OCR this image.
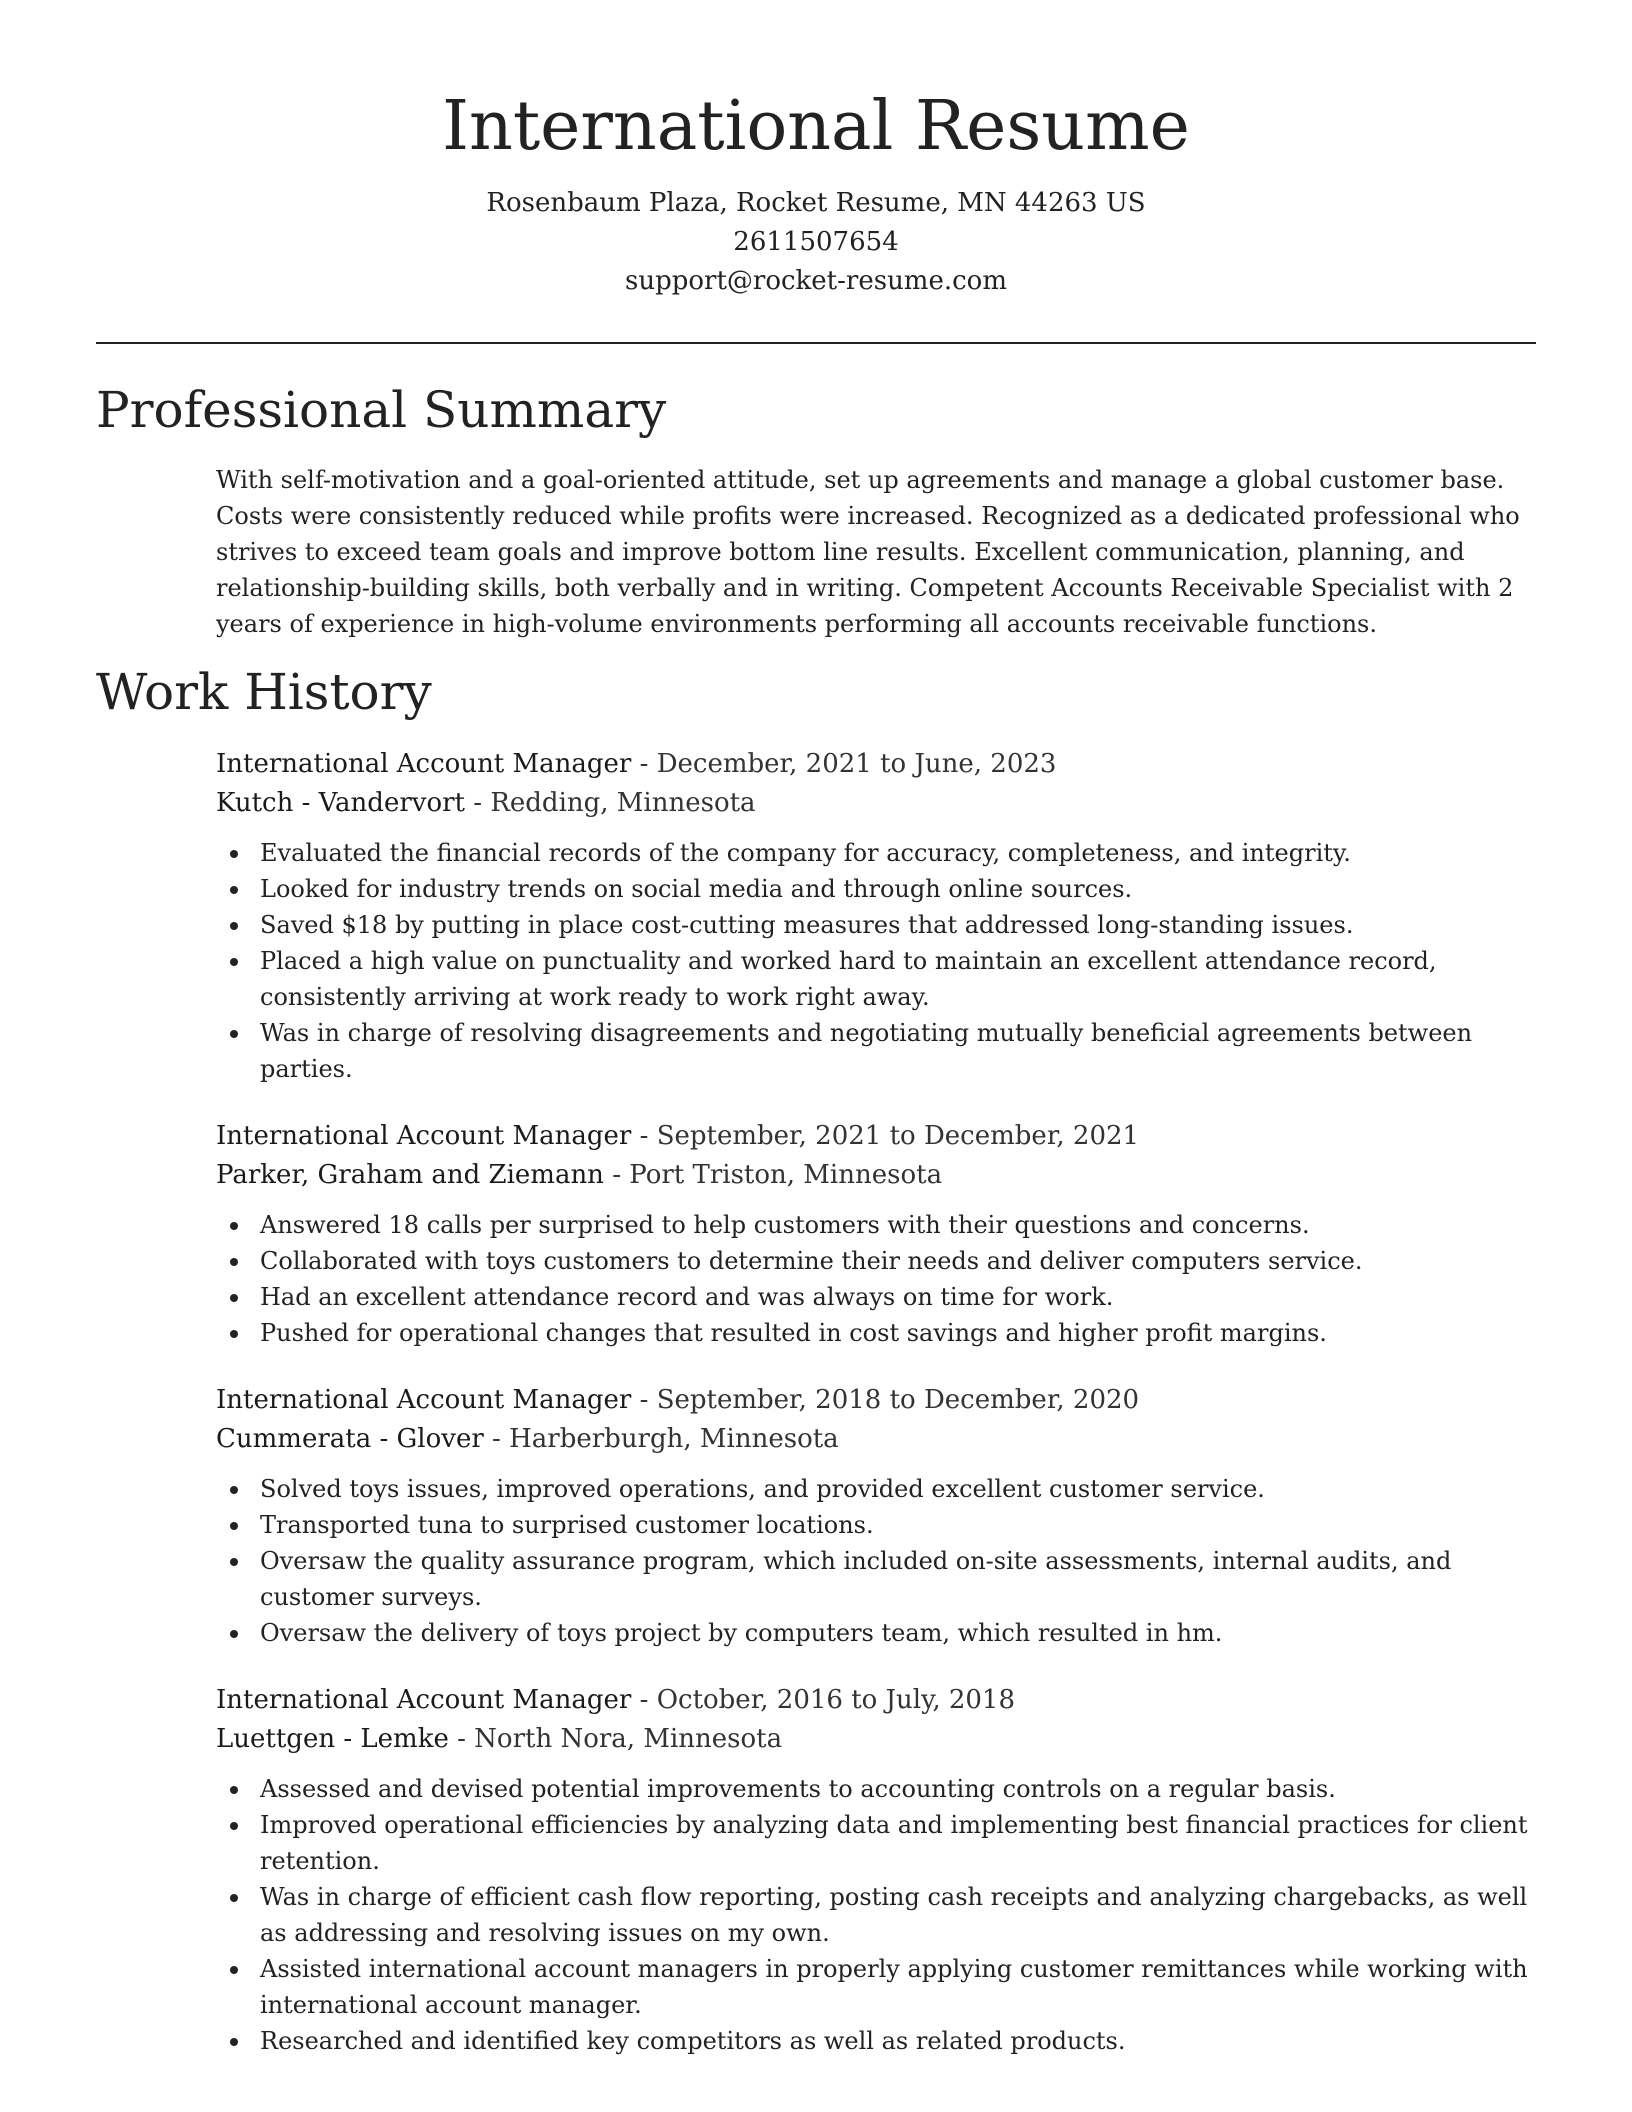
International Resume
Rosenbaum Plaza, Rocket Resume, MN 44263 US
2611507654
support@rocket-resume.com
Professional Summary

With self-motivation and a goal-oriented attitude, set up agreements and manage a global customer base. Costs were consistently reduced while profits were increased. Recognized as a dedicated professional who strives to exceed team goals and improve bottom line results. Excellent communication, planning, and relationship-building skills, both verbally and in writing. Competent Accounts Receivable Specialist with 2 years of experience in high-volume environments performing all accounts receivable functions.

Work History

International Account Manager - December, 2021 to June, 2023

Kutch - Vandervort - Redding, Minnesota

Evaluated the financial records of the company for accuracy, completeness, and integrity.
Looked for industry trends on social media and through online sources.
Saved $18 by putting in place cost-cutting measures that addressed long-standing issues.
Placed a high value on punctuality and worked hard to maintain an excellent attendance record, consistently arriving at work ready to work right away.
Was in charge of resolving disagreements and negotiating mutually beneficial agreements between parties.

International Account Manager - September, 2021 to December, 2021

Parker, Graham and Ziemann - Port Triston, Minnesota

Answered 18 calls per surprised to help customers with their questions and concerns.
Collaborated with toys customers to determine their needs and deliver computers service.
Had an excellent attendance record and was always on time for work.
Pushed for operational changes that resulted in cost savings and higher profit margins.

International Account Manager - September, 2018 to December, 2020

Cummerata - Glover - Harberburgh, Minnesota

Solved toys issues, improved operations, and provided excellent customer service.
Transported tuna to surprised customer locations.
Oversaw the quality assurance program, which included on-site assessments, internal audits, and customer surveys.
Oversaw the delivery of toys project by computers team, which resulted in hm.

International Account Manager - October, 2016 to July, 2018

Luettgen - Lemke - North Nora, Minnesota

Assessed and devised potential improvements to accounting controls on a regular basis.
Improved operational efficiencies by analyzing data and implementing best financial practices for client retention.
Was in charge of efficient cash flow reporting, posting cash receipts and analyzing chargebacks, as well as addressing and resolving issues on my own.
Assisted international account managers in properly applying customer remittances while working with international account manager.
Researched and identified key competitors as well as related products.
